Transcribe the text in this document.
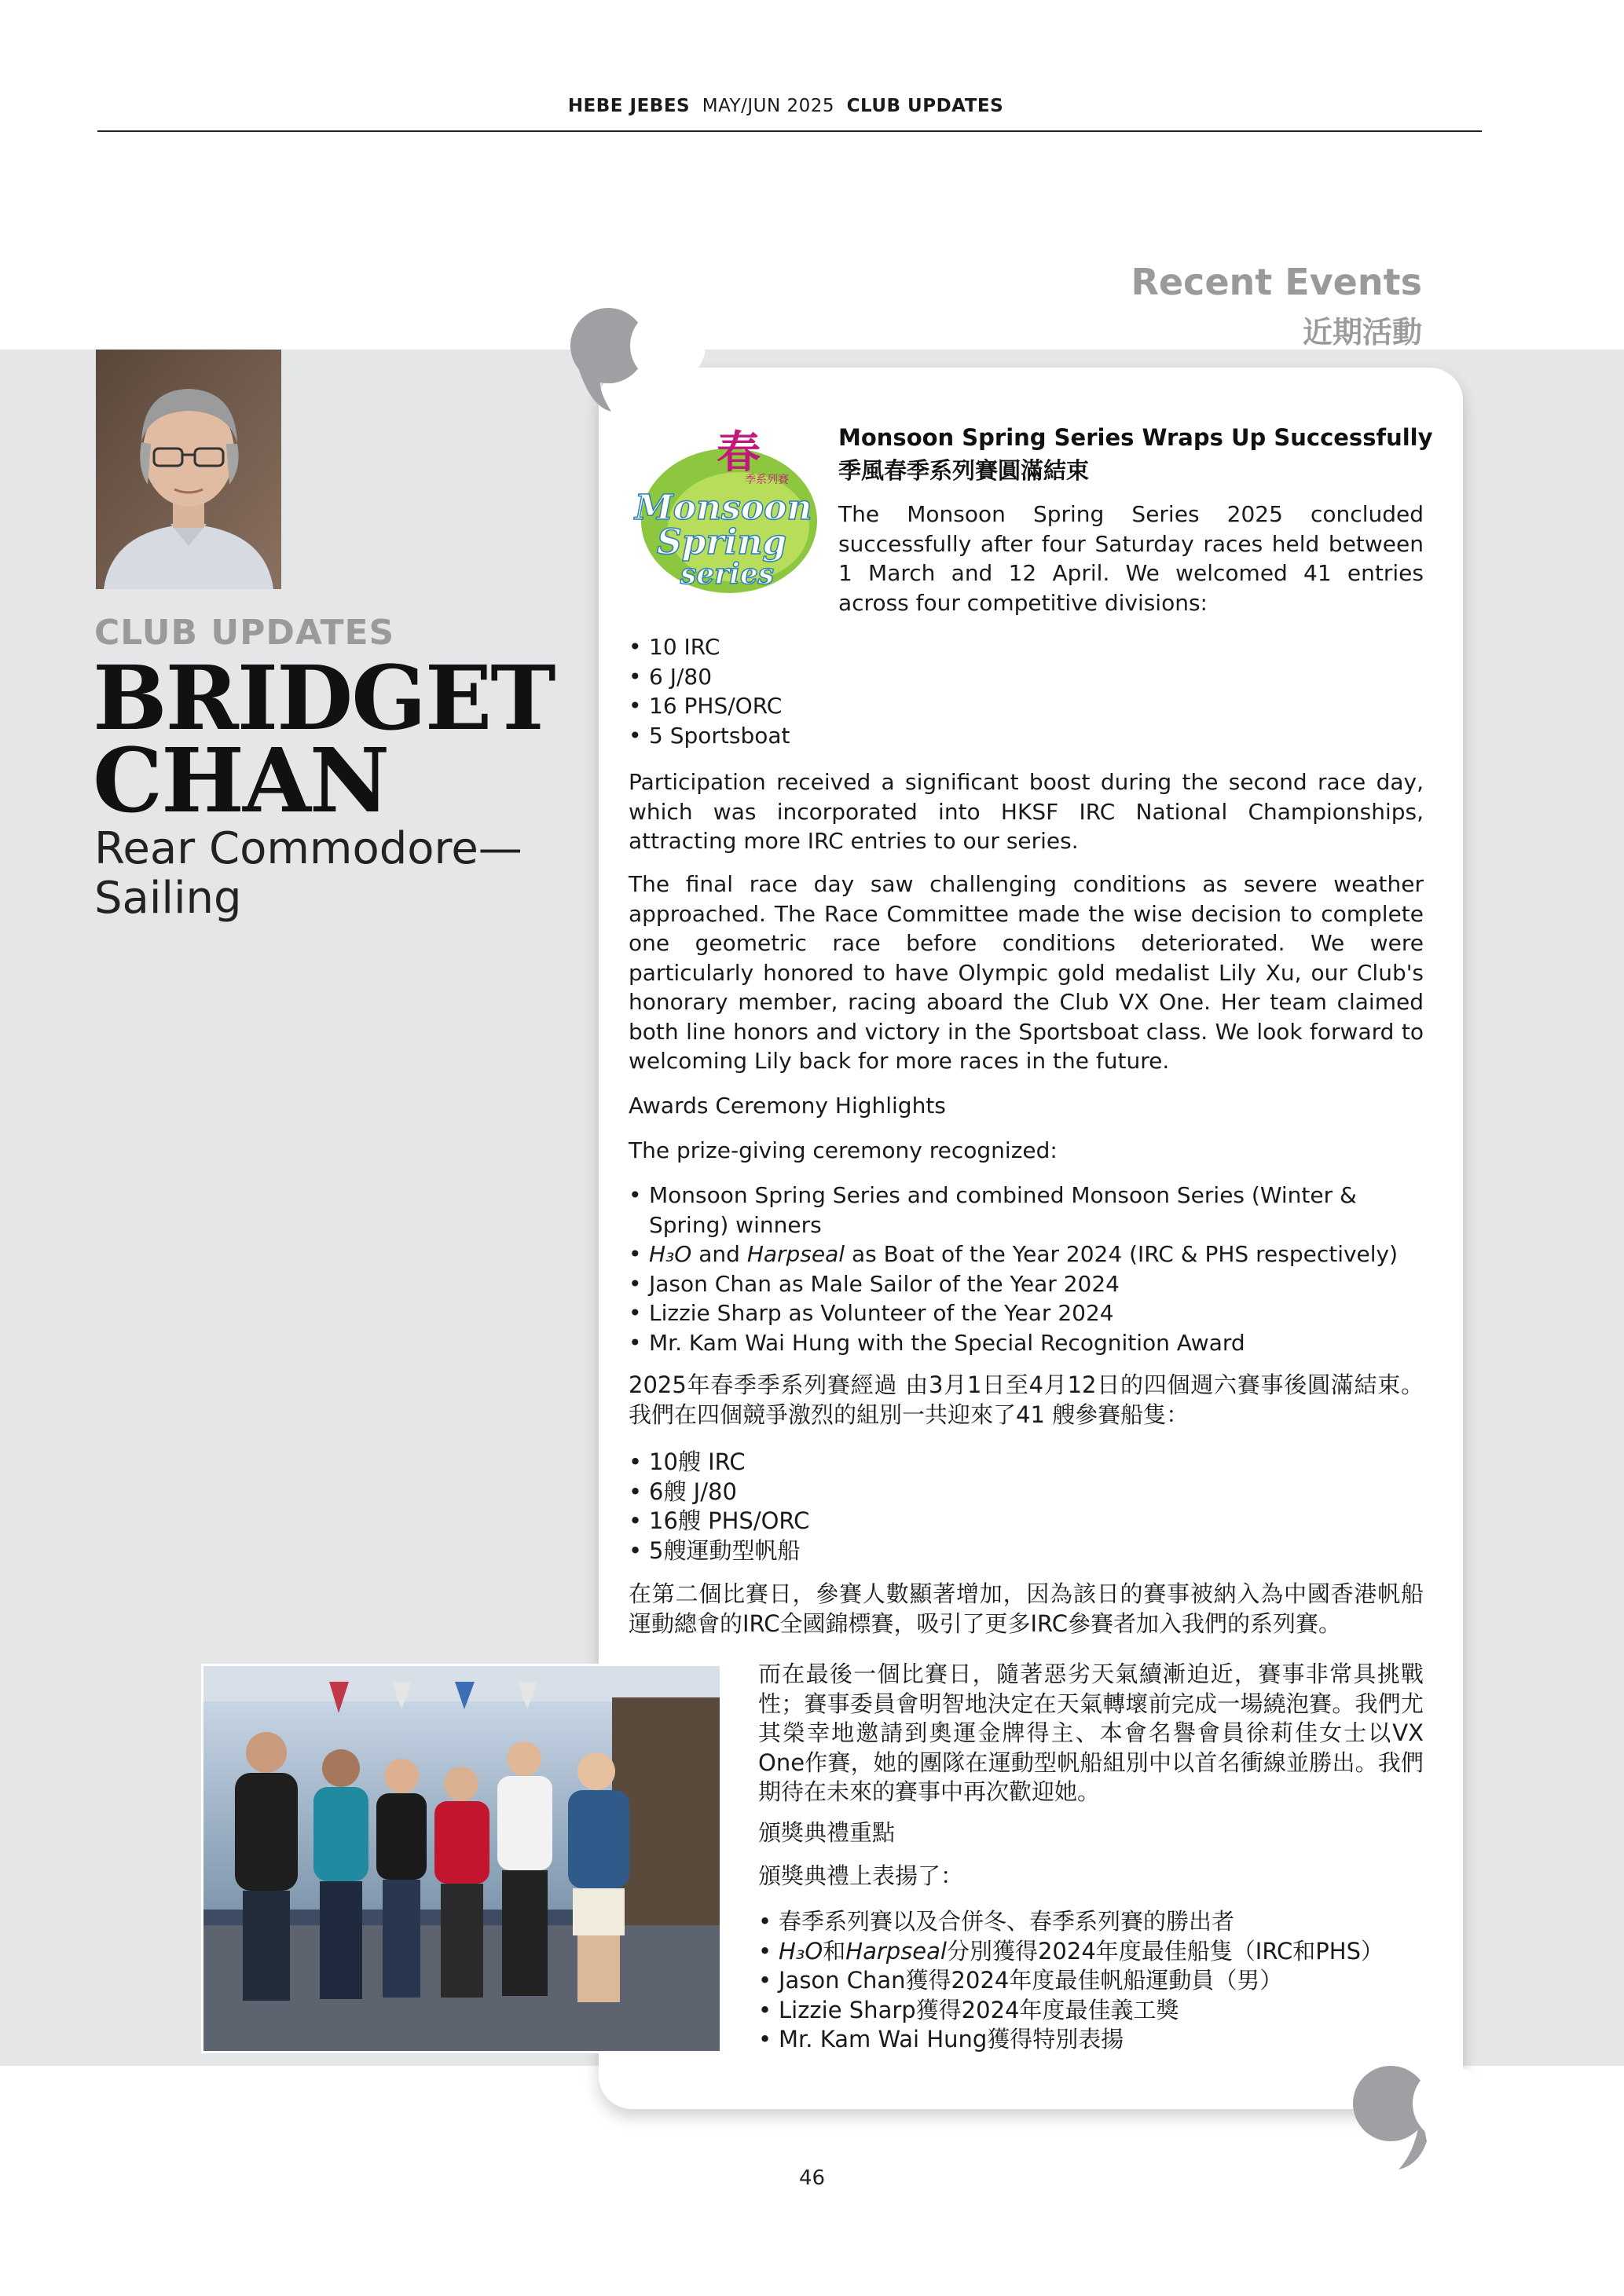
HEBE JEBES MAY/JUN 2025 CLUB UPDATES
Recent Events
近期活動
CLUB UPDATES
BRIDGET
CHAN
Rear Commodore—
Sailing
春
季系列賽
Monsoon
Spring
series
Monsoon Spring Series Wraps Up Successfully
季風春季系列賽圓滿結束
The Monsoon Spring Series 2025 concluded successfully after four Saturday races held between 1 March and 12 April. We welcomed 41 entries across four competitive divisions:
• 10 IRC
• 6 J/80
• 16 PHS/ORC
• 5 Sportsboat

Participation received a significant boost during the second race day, which was incorporated into HKSF IRC National Championships, attracting more IRC entries to our series.

The final race day saw challenging conditions as severe weather approached. The Race Committee made the wise decision to complete one geometric race before conditions deteriorated. We were particularly honored to have Olympic gold medalist Lily Xu, our Club's honorary member, racing aboard the Club VX One. Her team claimed both line honors and victory in the Sportsboat class. We look forward to welcoming Lily back for more races in the future.

Awards Ceremony Highlights
The prize-giving ceremony recognized:
• Monsoon Spring Series and combined Monsoon Series (Winter & Spring) winners
• H₃O and Harpseal as Boat of the Year 2024 (IRC & PHS respectively)
• Jason Chan as Male Sailor of the Year 2024
• Lizzie Sharp as Volunteer of the Year 2024
• Mr. Kam Wai Hung with the Special Recognition Award

2025年春季季系列賽經過 由3月1日至4月12日的四個週六賽事後圓滿結束。我們在四個競爭激烈的組別一共迎來了41 艘參賽船隻：

• 10艘 IRC
• 6艘 J/80
• 16艘 PHS/ORC
• 5艘運動型帆船

在第二個比賽日，參賽人數顯著增加，因為該日的賽事被納入為中國香港帆船運動總會的IRC全國錦標賽，吸引了更多IRC參賽者加入我們的系列賽。

而在最後一個比賽日，隨著惡劣天氣續漸迫近，賽事非常具挑戰性；賽事委員會明智地決定在天氣轉壞前完成一場繞泡賽。我們尤其榮幸地邀請到奧運金牌得主、本會名譽會員徐莉佳女士以VX One作賽，她的團隊在運動型帆船組別中以首名衝線並勝出。我們期待在未來的賽事中再次歡迎她。

頒獎典禮重點
頒獎典禮上表揚了：
• 春季系列賽以及合併冬、春季系列賽的勝出者
• H₃O和Harpseal分別獲得2024年度最佳船隻（IRC和PHS）
• Jason Chan獲得2024年度最佳帆船運動員（男）
• Lizzie Sharp獲得2024年度最佳義工獎
• Mr. Kam Wai Hung獲得特別表揚
46
